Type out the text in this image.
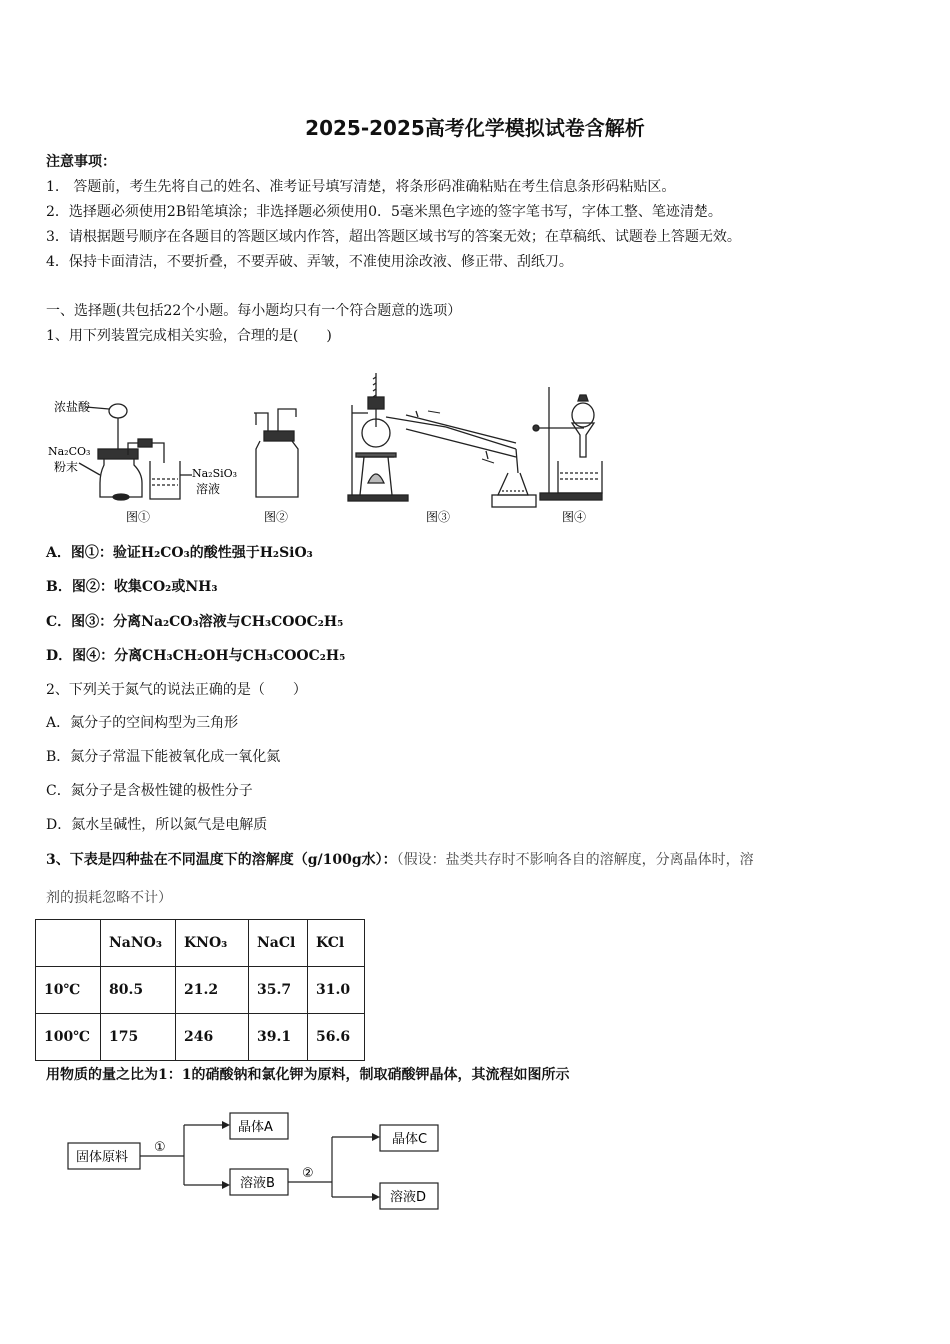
2025-2025高考化学模拟试卷含解析
注意事项：
1.　答题前，考生先将自己的姓名、准考证号填写清楚，将条形码准确粘贴在考生信息条形码粘贴区。
2．选择题必须使用2B铅笔填涂；非选择题必须使用0．5毫米黑色字迹的签字笔书写，字体工整、笔迹清楚。
3．请根据题号顺序在各题目的答题区域内作答，超出答题区域书写的答案无效；在草稿纸、试题卷上答题无效。
4．保持卡面清洁，不要折叠，不要弄破、弄皱，不准使用涂改液、修正带、刮纸刀。
一、选择题(共包括22个小题。每小题均只有一个符合题意的选项）
1、用下列装置完成相关实验，合理的是(　　)
浓盐酸
Na₂CO₃
粉末	Na₂SiO₃
溶液
图①	图②	图③	图④
A．图①：验证H₂CO₃的酸性强于H₂SiO₃
B．图②：收集CO₂或NH₃
C．图③：分离Na₂CO₃溶液与CH₃COOC₂H₅
D．图④：分离CH₃CH₂OH与CH₃COOC₂H₅
2、下列关于氮气的说法正确的是（　　）
A．氮分子的空间构型为三角形
B．氮分子常温下能被氧化成一氧化氮
C．氮分子是含极性键的极性分子
D．氮水呈碱性，所以氮气是电解质
3、下表是四种盐在不同温度下的溶解度（g/100g水）：（假设：盐类共存时不影响各自的溶解度，分离晶体时，溶
剂的损耗忽略不计）
	NaNO₃	KNO₃	NaCl	KCl
10℃	80.5	21.2	35.7	31.0
100℃	175	246	39.1	56.6
用物质的量之比为1：1的硝酸钠和氯化钾为原料，制取硝酸钾晶体，其流程如图所示
固体原料
①
晶体A
溶液B
②
晶体C
溶液D
